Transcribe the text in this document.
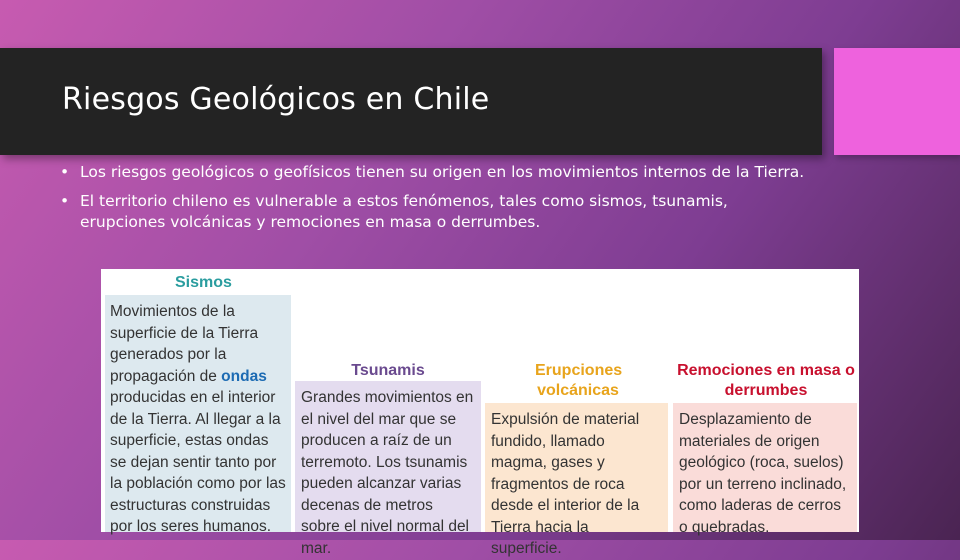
Riesgos Geológicos en Chile
• Los riesgos geológicos o geofísicos tienen su origen en los movimientos internos de la Tierra.
• El territorio chileno es vulnerable a estos fenómenos, tales como sismos, tsunamis, erupciones volcánicas y remociones en masa o derrumbes.
Sismos
Movimientos de la superficie de la Tierra generados por la propagación de ondas producidas en el interior de la Tierra. Al llegar a la superficie, estas ondas se dejan sentir tanto por la población como por las estructuras construidas por los seres humanos.
Tsunamis
Grandes movimientos en el nivel del mar que se producen a raíz de un terremoto. Los tsunamis pueden alcanzar varias decenas de metros sobre el nivel normal del mar.
Erupciones volcánicas
Expulsión de material fundido, llamado magma, gases y fragmentos de roca desde el interior de la Tierra hacia la superficie.
Remociones en masa o derrumbes
Desplazamiento de materiales de origen geológico (roca, suelos) por un terreno inclinado, como laderas de cerros o quebradas.
